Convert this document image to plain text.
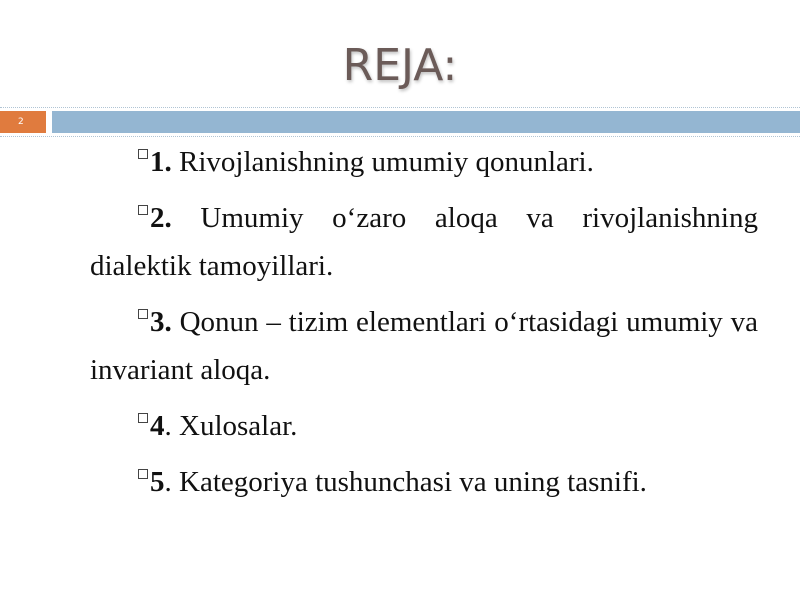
REJA:
2

1. Rivojlanishning umumiy qonunlari.

2. Umumiy o‘zaro aloqa va rivojlanishning dialektik tamoyillari.

3. Qonun – tizim elementlari o‘rtasidagi umumiy va invariant aloqa.

4. Xulosalar.

5. Kategoriya tushunchasi va uning tasnifi.
